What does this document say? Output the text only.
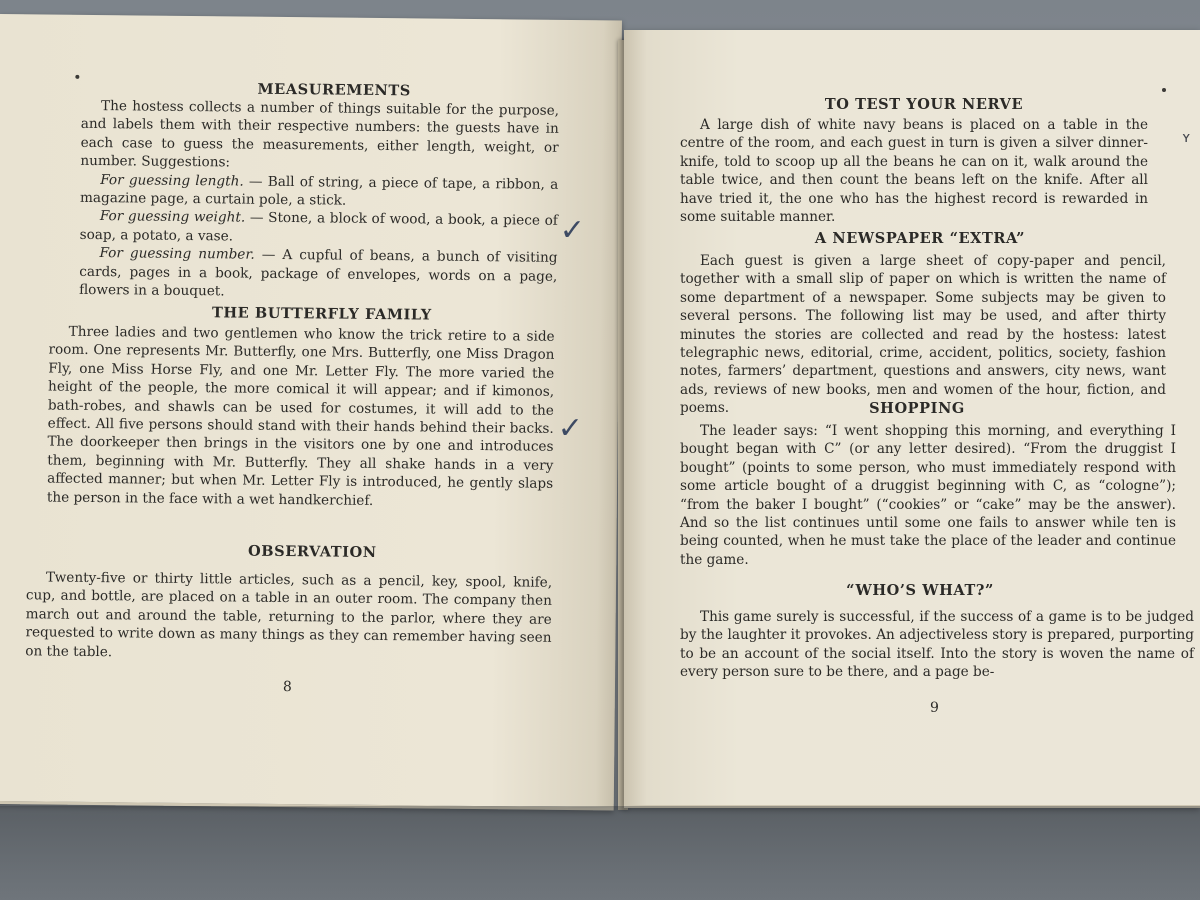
MEASUREMENTS

The hostess collects a number of things suitable for the purpose, and labels them with their respective numbers: the guests have in each case to guess the measurements, either length, weight, or number. Suggestions:

For guessing length. — Ball of string, a piece of tape, a ribbon, a magazine page, a curtain pole, a stick.

For guessing weight. — Stone, a block of wood, a book, a piece of soap, a potato, a vase.

For guessing number. — A cupful of beans, a bunch of visiting cards, pages in a book, package of envelopes, words on a page, flowers in a bouquet.

THE BUTTERFLY FAMILY

Three ladies and two gentlemen who know the trick retire to a side room. One represents Mr. Butterfly, one Mrs. Butterfly, one Miss Dragon Fly, one Miss Horse Fly, and one Mr. Letter Fly. The more varied the height of the people, the more comical it will appear; and if kimonos, bath-robes, and shawls can be used for costumes, it will add to the effect. All five persons should stand with their hands behind their backs. The doorkeeper then brings in the visitors one by one and introduces them, beginning with Mr. Butterfly. They all shake hands in a very affected manner; but when Mr. Letter Fly is introduced, he gently slaps the person in the face with a wet handkerchief.

OBSERVATION

Twenty-five or thirty little articles, such as a pencil, key, spool, knife, cup, and bottle, are placed on a table in an outer room. The company then march out and around the table, returning to the parlor, where they are requested to write down as many things as they can remember having seen on the table.

8
✓
✓
TO TEST YOUR NERVE

A large dish of white navy beans is placed on a table in the centre of the room, and each guest in turn is given a silver dinner-knife, told to scoop up all the beans he can on it, walk around the table twice, and then count the beans left on the knife. After all have tried it, the one who has the highest record is rewarded in some suitable manner.

A NEWSPAPER “EXTRA”

Each guest is given a large sheet of copy-paper and pencil, together with a small slip of paper on which is written the name of some department of a newspaper. Some subjects may be given to several persons. The following list may be used, and after thirty minutes the stories are collected and read by the hostess: latest telegraphic news, editorial, crime, accident, politics, society, fashion notes, farmers’ department, questions and answers, city news, want ads, reviews of new books, men and women of the hour, fiction, and poems.	SHOPPING

The leader says: “I went shopping this morning, and everything I bought began with C” (or any letter desired). “From the druggist I bought” (points to some person, who must immediately respond with some article bought of a druggist beginning with C, as “cologne”); “from the baker I bought” (“cookies” or “cake” may be the answer). And so the list continues until some one fails to answer while ten is being counted, when he must take the place of the leader and continue the game.

“WHO’S WHAT?”

This game surely is successful, if the success of a game is to be judged by the laughter it provokes. An adjectiveless story is prepared, purporting to be an account of the social itself. Into the story is woven the name of every person sure to be there, and a page be-

9
ʏ
